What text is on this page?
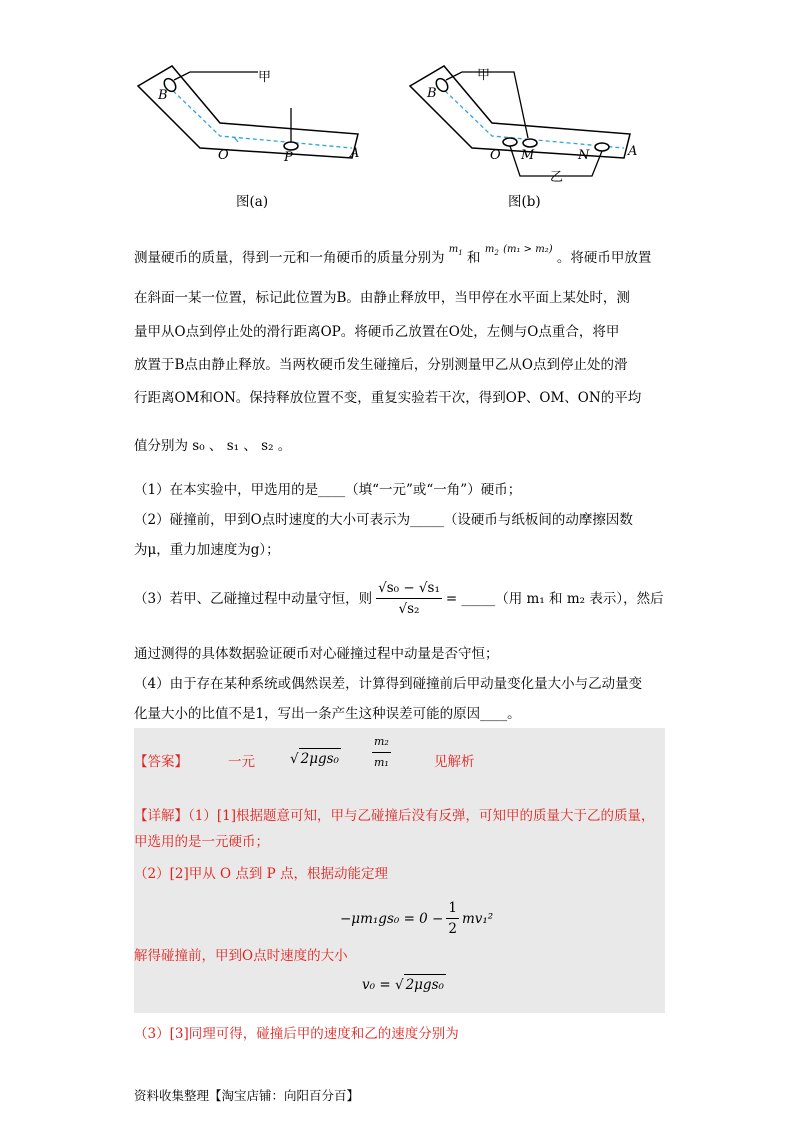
甲
B
O	P	A
图(a)
甲
B
O M	N	A
乙
图(b)
测量硬币的质量，得到一元和一角硬币的质量分别为 $^{m_1}$ 和 $^{m_2}$ $^{(m_1 > m_2)}$ 。将硬币甲放置
在斜面一某一位置，标记此位置为B。由静止释放甲，当甲停在水平面上某处时，测
量甲从O点到停止处的滑行距离OP。将硬币乙放置在O处，左侧与O点重合，将甲
放置于B点由静止释放。当两枚硬币发生碰撞后，分别测量甲乙从O点到停止处的滑
行距离OM和ON。保持释放位置不变，重复实验若干次，得到OP、OM、ON的平均
值分别为 s₀ 、 s₁ 、 s₂ 。
（1）在本实验中，甲选用的是____（填“一元”或“一角”）硬币；
（2）碰撞前，甲到O点时速度的大小可表示为_____（设硬币与纸板间的动摩擦因数
为μ，重力加速度为g）；
（3）若甲、乙碰撞过程中动量守恒，则 $\frac{\text{√s₀ − √s₁}}{\text{√s₂}}$ = _____（用 m₁ 和 m₂ 表示），然后
通过测得的具体数据验证硬币对心碰撞过程中动量是否守恒；
（4）由于存在某种系统或偶然误差，计算得到碰撞前后甲动量变化量大小与乙动量变
化量大小的比值不是1，写出一条产生这种误差可能的原因____。
【答案】	一元	√ 2μgs₀	$\frac{\text{m₂}}{\text{m₁}}$	见解析
【详解】（1）[1]根据题意可知，甲与乙碰撞后没有反弹，可知甲的质量大于乙的质量，
甲选用的是一元硬币；
（2）[2]甲从 O 点到 P 点，根据动能定理
$-\mu m_1gs_0 = 0 - \frac{1}{2} mv_1^2$
解得碰撞前，甲到O点时速度的大小
v₀ = √ 2μgs₀
（3）[3]同理可得，碰撞后甲的速度和乙的速度分别为
资料收集整理【淘宝店铺：向阳百分百】
